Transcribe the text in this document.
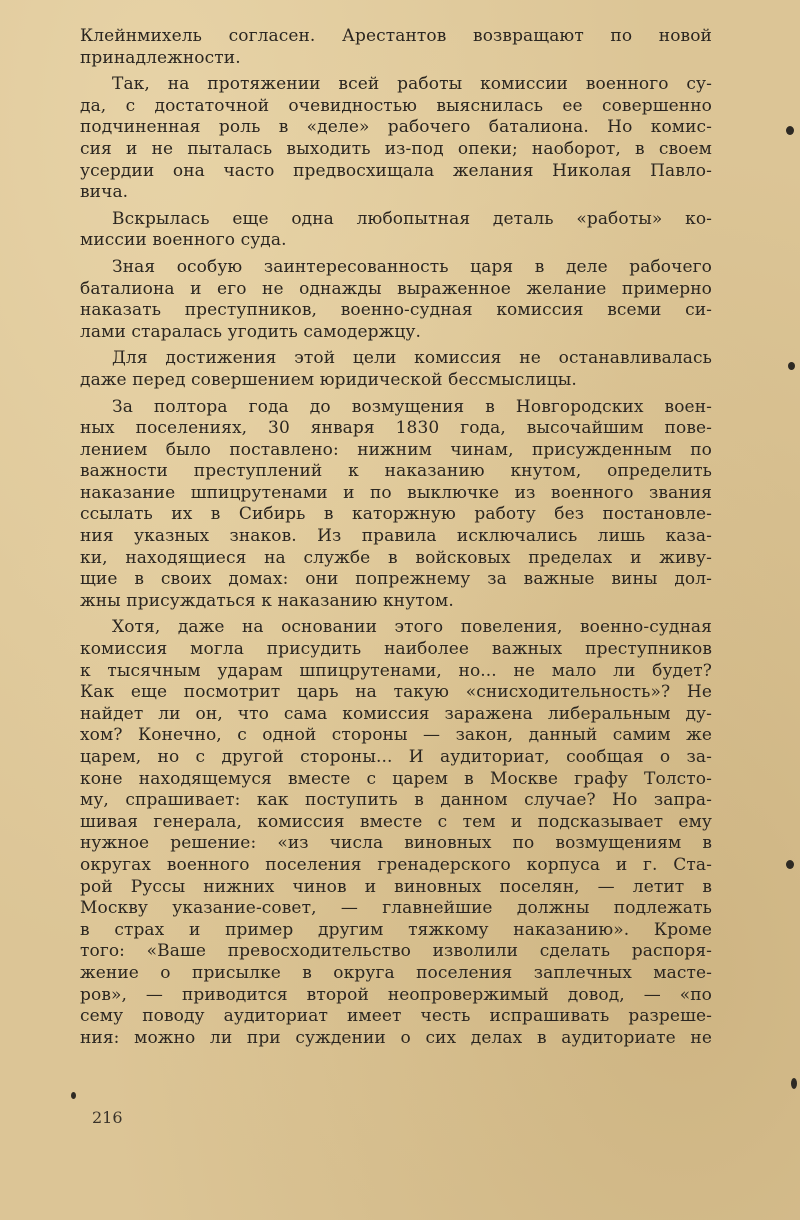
Клейнмихель согласен. Арестантов возвращают по новой

принадлежности.

Так, на протяжении всей работы комиссии военного су-

да, с достаточной очевидностью выяснилась ее совершенно

подчиненная роль в «деле» рабочего баталиона. Но комис-

сия и не пыталась выходить из-под опеки; наоборот, в своем

усердии она часто предвосхищала желания Николая Павло-

вича.

Вскрылась еще одна любопытная деталь «работы» ко-

миссии военного суда.

Зная особую заинтересованность царя в деле рабочего

баталиона и его не однажды выраженное желание примерно

наказать преступников, военно-судная комиссия всеми си-

лами старалась угодить самодержцу.

Для достижения этой цели комиссия не останавливалась

даже перед совершением юридической бессмыслицы.

За полтора года до возмущения в Новгородских воен-

ных поселениях, 30 января 1830 года, высочайшим пове-

лением было поставлено: нижним чинам, присужденным по

важности преступлений к наказанию кнутом, определить

наказание шпицрутенами и по выключке из военного звания

ссылать их в Сибирь в каторжную работу без постановле-

ния указных знаков. Из правила исключались лишь каза-

ки, находящиеся на службе в войсковых пределах и живу-

щие в своих домах: они попрежнему за важные вины дол-

жны присуждаться к наказанию кнутом.

Хотя, даже на основании этого повеления, военно-судная

комиссия могла присудить наиболее важных преступников

к тысячным ударам шпицрутенами, но... не мало ли будет?

Как еще посмотрит царь на такую «снисходительность»? Не

найдет ли он, что сама комиссия заражена либеральным ду-

хом? Конечно, с одной стороны — закон, данный самим же

царем, но с другой стороны... И аудиториат, сообщая о за-

коне находящемуся вместе с царем в Москве графу Толсто-

му, спрашивает: как поступить в данном случае? Но запра-

шивая генерала, комиссия вместе с тем и подсказывает ему

нужное решение: «из числа виновных по возмущениям в

округах военного поселения гренадерского корпуса и г. Ста-

рой Руссы нижних чинов и виновных поселян, — летит в

Москву указание-совет, — главнейшие должны подлежать

в страх и пример другим тяжкому наказанию». Кроме

того: «Ваше превосходительство изволили сделать распоря-

жение о присылке в округа поселения заплечных масте-

ров», — приводится второй неопровержимый довод, — «по

сему поводу аудиториат имеет честь испрашивать разреше-

ния: можно ли при суждении о сих делах в аудиториате не

216
